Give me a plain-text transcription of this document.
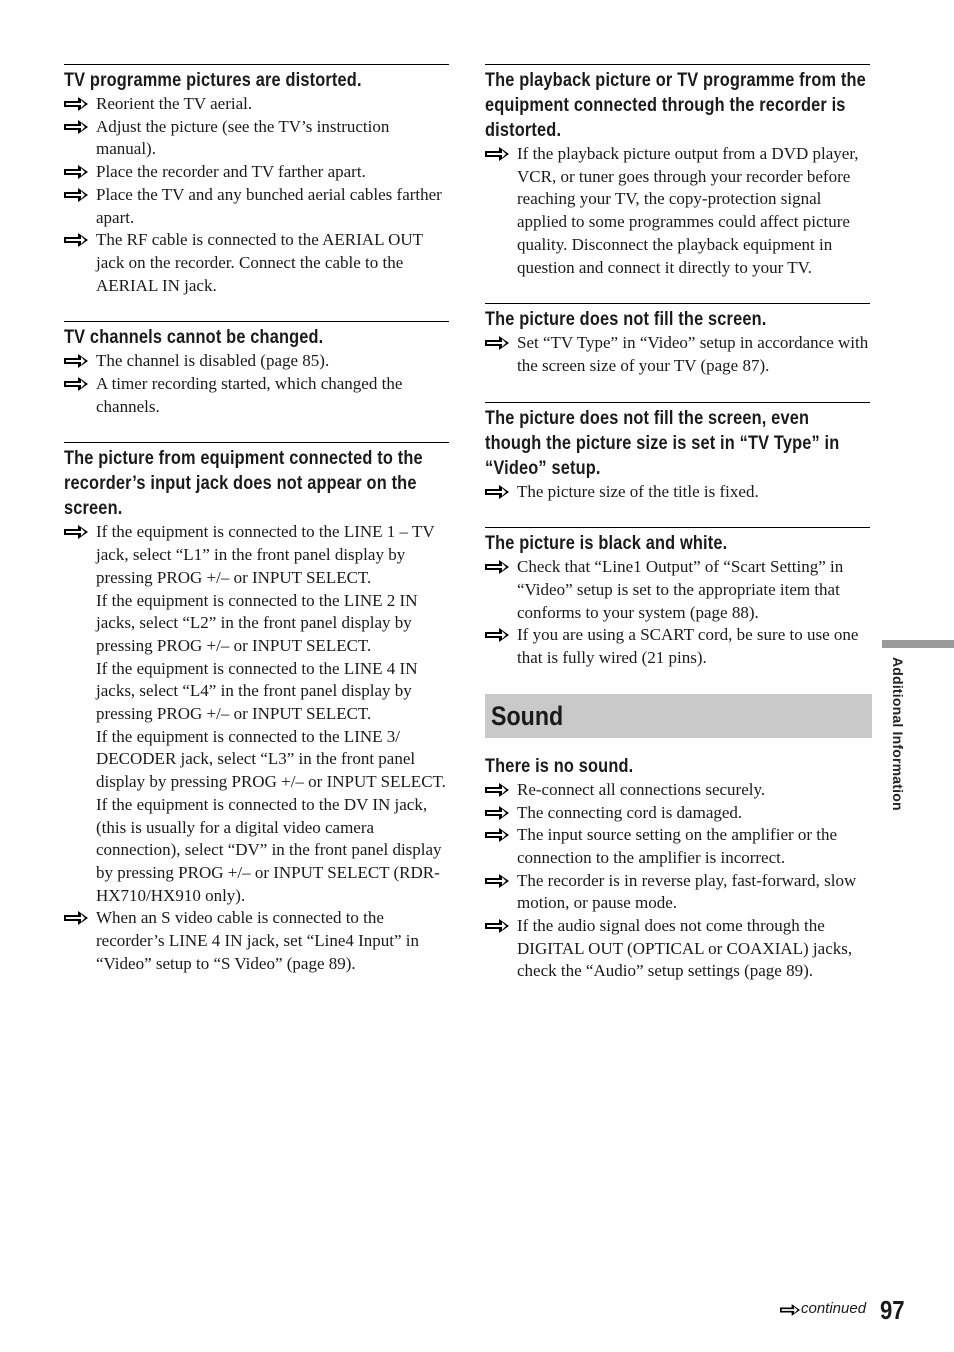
TV programme pictures are distorted.
Reorient the TV aerial.
Adjust the picture (see the TV’s instruction manual).
Place the recorder and TV farther apart.
Place the TV and any bunched aerial cables farther apart.
The RF cable is connected to the AERIAL OUT jack on the recorder. Connect the cable to the AERIAL IN jack.
TV channels cannot be changed.
The channel is disabled (page 85).
A timer recording started, which changed the channels.
The picture from equipment connected to the recorder’s input jack does not appear on the screen.
If the equipment is connected to the LINE 1 – TV jack, select “L1” in the front panel display by pressing PROG +/– or INPUT SELECT.
If the equipment is connected to the LINE 2 IN jacks, select “L2” in the front panel display by pressing PROG +/– or INPUT SELECT.
If the equipment is connected to the LINE 4 IN jacks, select “L4” in the front panel display by pressing PROG +/– or INPUT SELECT.
If the equipment is connected to the LINE 3/ DECODER jack, select “L3” in the front panel display by pressing PROG +/– or INPUT SELECT.
If the equipment is connected to the DV IN jack, (this is usually for a digital video camera connection), select “DV” in the front panel display by pressing PROG +/– or INPUT SELECT (RDR-HX710/HX910 only).
When an S video cable is connected to the recorder’s LINE 4 IN jack, set “Line4 Input” in “Video” setup to “S Video” (page 89).
The playback picture or TV programme from the equipment connected through the recorder is distorted.
If the playback picture output from a DVD player, VCR, or tuner goes through your recorder before reaching your TV, the copy-protection signal applied to some programmes could affect picture quality. Disconnect the playback equipment in question and connect it directly to your TV.
The picture does not fill the screen.
Set “TV Type” in “Video” setup in accordance with the screen size of your TV (page 87).
The picture does not fill the screen, even though the picture size is set in “TV Type” in “Video” setup.
The picture size of the title is fixed.
The picture is black and white.
Check that “Line1 Output” of “Scart Setting” in “Video” setup is set to the appropriate item that conforms to your system (page 88).
If you are using a SCART cord, be sure to use one that is fully wired (21 pins).
Sound
There is no sound.
Re-connect all connections securely.
The connecting cord is damaged.
The input source setting on the amplifier or the connection to the amplifier is incorrect.
The recorder is in reverse play, fast-forward, slow motion, or pause mode.
If the audio signal does not come through the DIGITAL OUT (OPTICAL or COAXIAL) jacks, check the “Audio” setup settings (page 89).
Additional Information
continued 97
